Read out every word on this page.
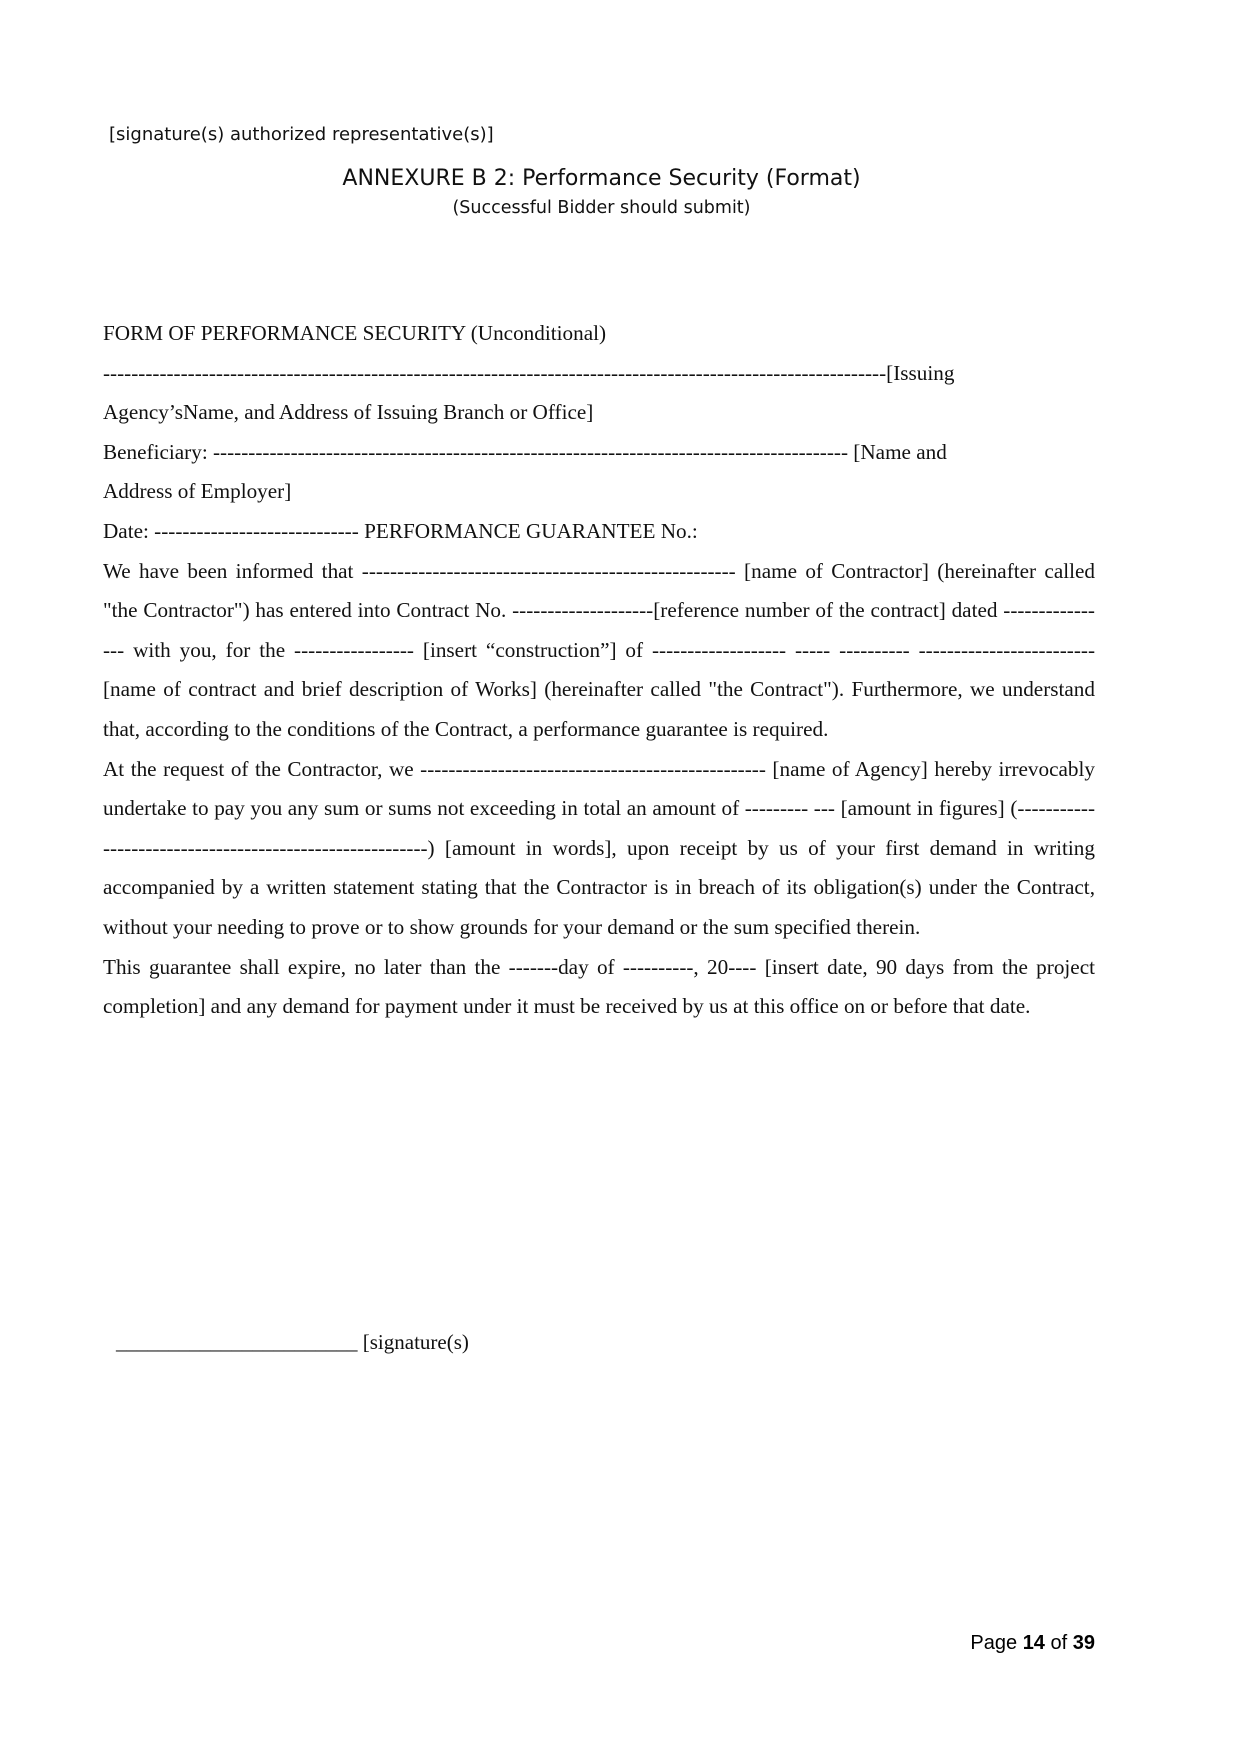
[signature(s) authorized representative(s)]
ANNEXURE B 2: Performance Security (Format)
(Successful Bidder should submit)
FORM OF PERFORMANCE SECURITY (Unconditional)
---------------------------------------------------------------------------------------------------------------[Issuing
Agency’sName, and Address of Issuing Branch or Office]
Beneficiary: ------------------------------------------------------------------------------------------ [Name and
Address of Employer]
Date: ----------------------------- PERFORMANCE GUARANTEE No.:

We have been informed that ----------------------------------------------------- [name of Contractor] (hereinafter called "the Contractor") has entered into Contract No. --------------------[reference number of the contract] dated ---------------- with you, for the ----------------- [insert “construction”] of ------------------- ----- ---------- ------------------------- [name of contract and brief description of Works] (hereinafter called "the Contract"). Furthermore, we understand that, according to the conditions of the Contract, a performance guarantee is required.

At the request of the Contractor, we ------------------------------------------------- [name of Agency] hereby irrevocably undertake to pay you any sum or sums not exceeding in total an amount of --------- --- [amount in figures] (---------------------------------------------------------) [amount in words], upon receipt by us of your first demand in writing accompanied by a written statement stating that the Contractor is in breach of its obligation(s) under the Contract, without your needing to prove or to show grounds for your demand or the sum specified therein.

This guarantee shall expire, no later than the -------day of ----------, 20---- [insert date, 90 days from the project completion] and any demand for payment under it must be received by us at this office on or before that date.

_______________________ [signature(s)
Page 14 of 39
